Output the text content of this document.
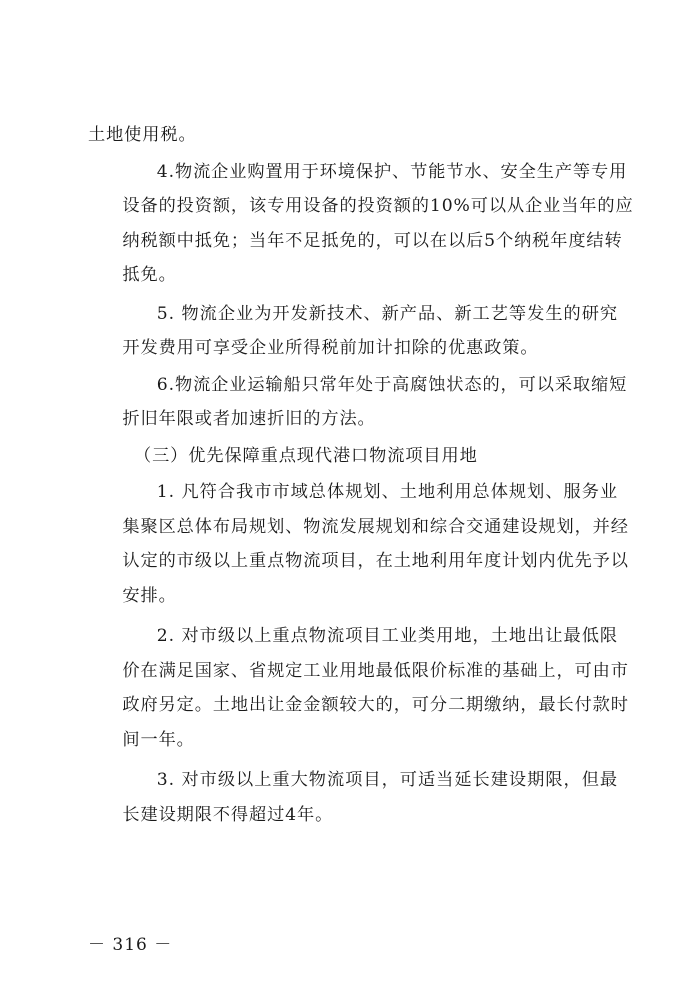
土地使用税。

4.物流企业购置用于环境保护、节能节水、安全生产等专用
设备的投资额，该专用设备的投资额的10%可以从企业当年的应
纳税额中抵免；当年不足抵免的，可以在以后5个纳税年度结转
抵免。

5. 物流企业为开发新技术、新产品、新工艺等发生的研究
开发费用可享受企业所得税前加计扣除的优惠政策。

6.物流企业运输船只常年处于高腐蚀状态的，可以采取缩短
折旧年限或者加速折旧的方法。

（三）优先保障重点现代港口物流项目用地

1. 凡符合我市市域总体规划、土地利用总体规划、服务业
集聚区总体布局规划、物流发展规划和综合交通建设规划，并经
认定的市级以上重点物流项目，在土地利用年度计划内优先予以
安排。

2. 对市级以上重点物流项目工业类用地，土地出让最低限
价在满足国家、省规定工业用地最低限价标准的基础上，可由市
政府另定。土地出让金金额较大的，可分二期缴纳，最长付款时
间一年。

3. 对市级以上重大物流项目，可适当延长建设期限，但最
长建设期限不得超过4年。

－ 316 －
